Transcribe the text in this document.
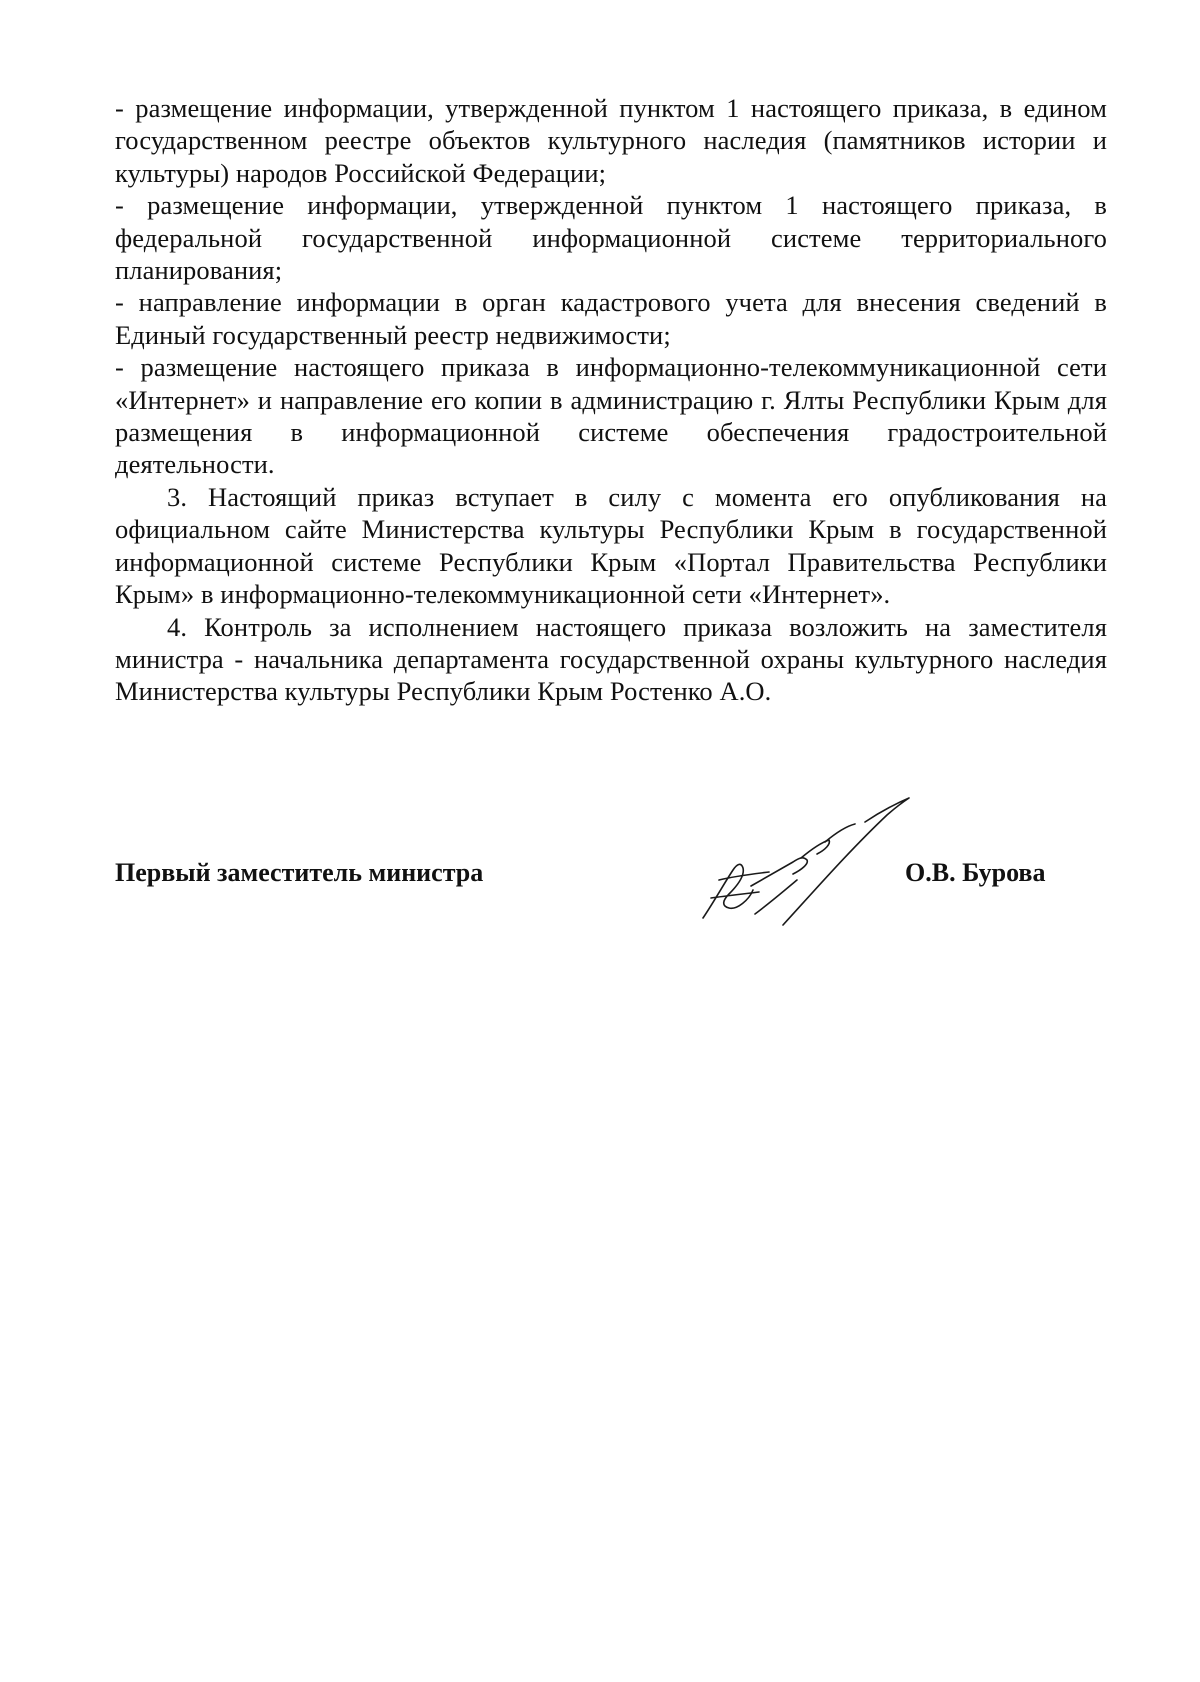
- размещение информации, утвержденной пунктом 1 настоящего приказа, в едином государственном реестре объектов культурного наследия (памятников истории и культуры) народов Российской Федерации;

- размещение информации, утвержденной пунктом 1 настоящего приказа, в федеральной государственной информационной системе территориального планирования;

- направление информации в орган кадастрового учета для внесения сведений в Единый государственный реестр недвижимости;

- размещение настоящего приказа в информационно-телекоммуникационной сети «Интернет» и направление его копии в администрацию г. Ялты Республики Крым для размещения в информационной системе обеспечения градостроительной деятельности.

3. Настоящий приказ вступает в силу с момента его опубликования на официальном сайте Министерства культуры Республики Крым в государственной информационной системе Республики Крым «Портал Правительства Республики Крым» в информационно-телекоммуникационной сети «Интернет».

4. Контроль за исполнением настоящего приказа возложить на заместителя министра - начальника департамента государственной охраны культурного наследия Министерства культуры Республики Крым Ростенко А.О.

Первый заместитель министра	О.В. Бурова
